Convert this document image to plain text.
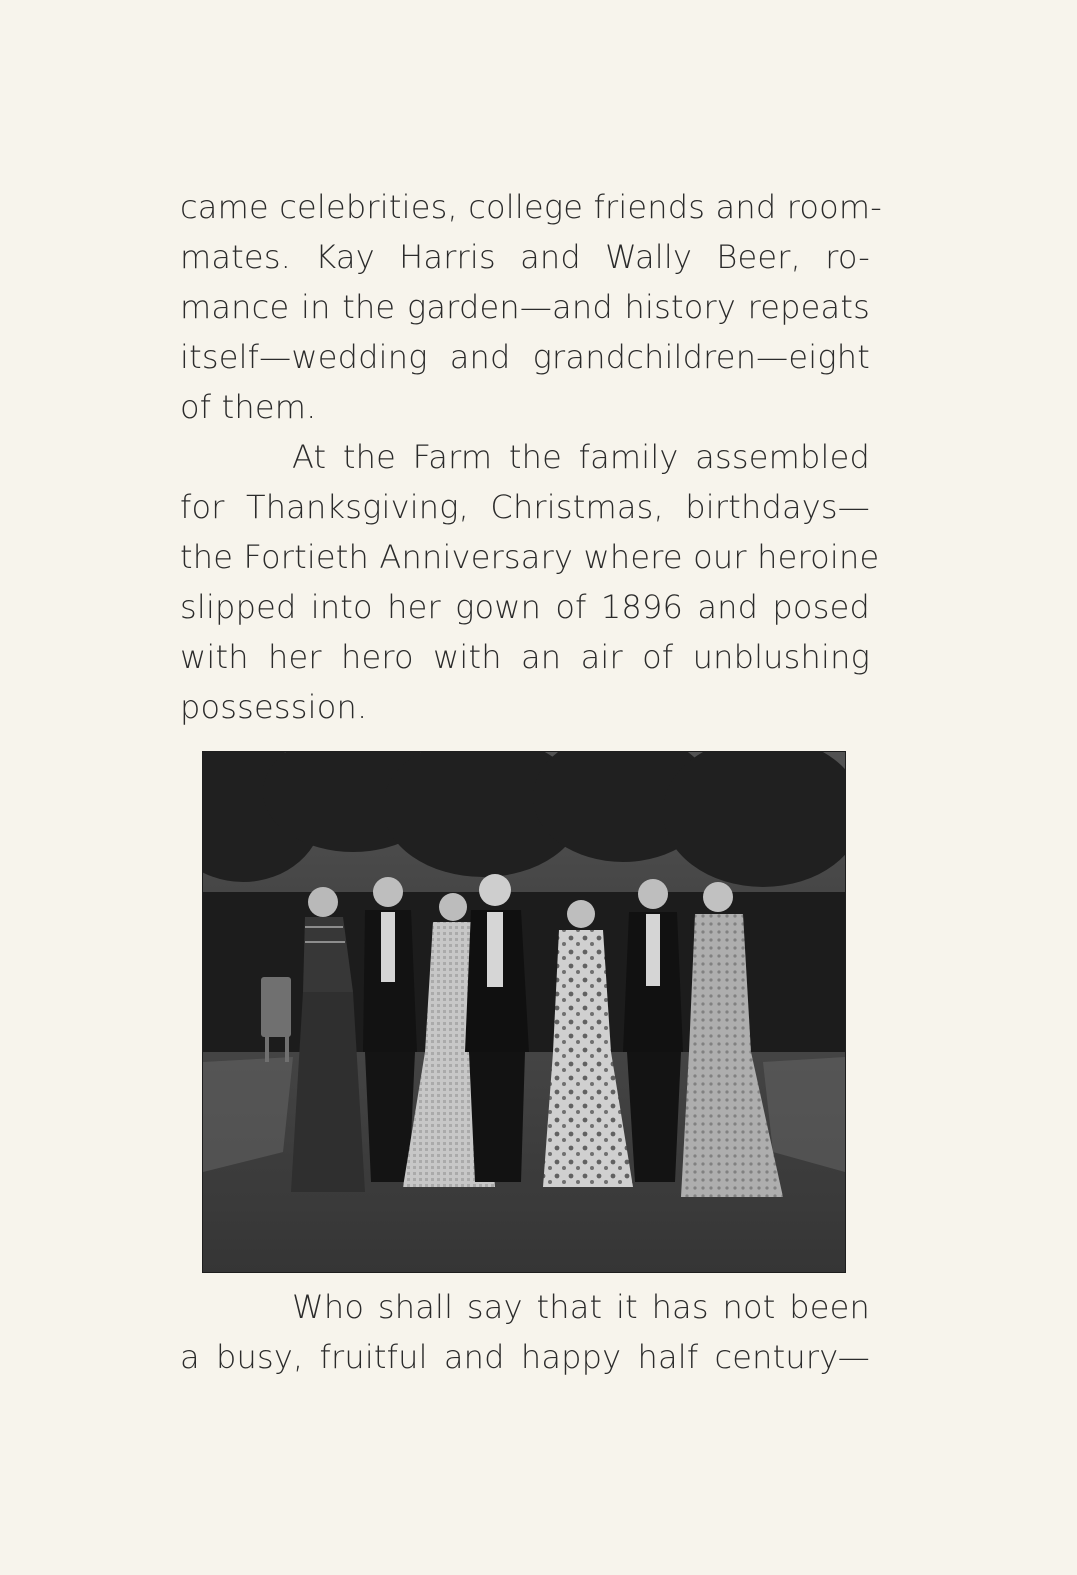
came celebrities, college friends and room-
mates. Kay Harris and Wally Beer, ro-
mance in the garden—and history repeats
itself—wedding and grandchildren—eight
of them.
At the Farm the family assembled
for Thanksgiving, Christmas, birthdays—
the Fortieth Anniversary where our heroine
slipped into her gown of 1896 and posed
with her hero with an air of unblushing
possession.
Who shall say that it has not been
a busy, fruitful and happy half century—
